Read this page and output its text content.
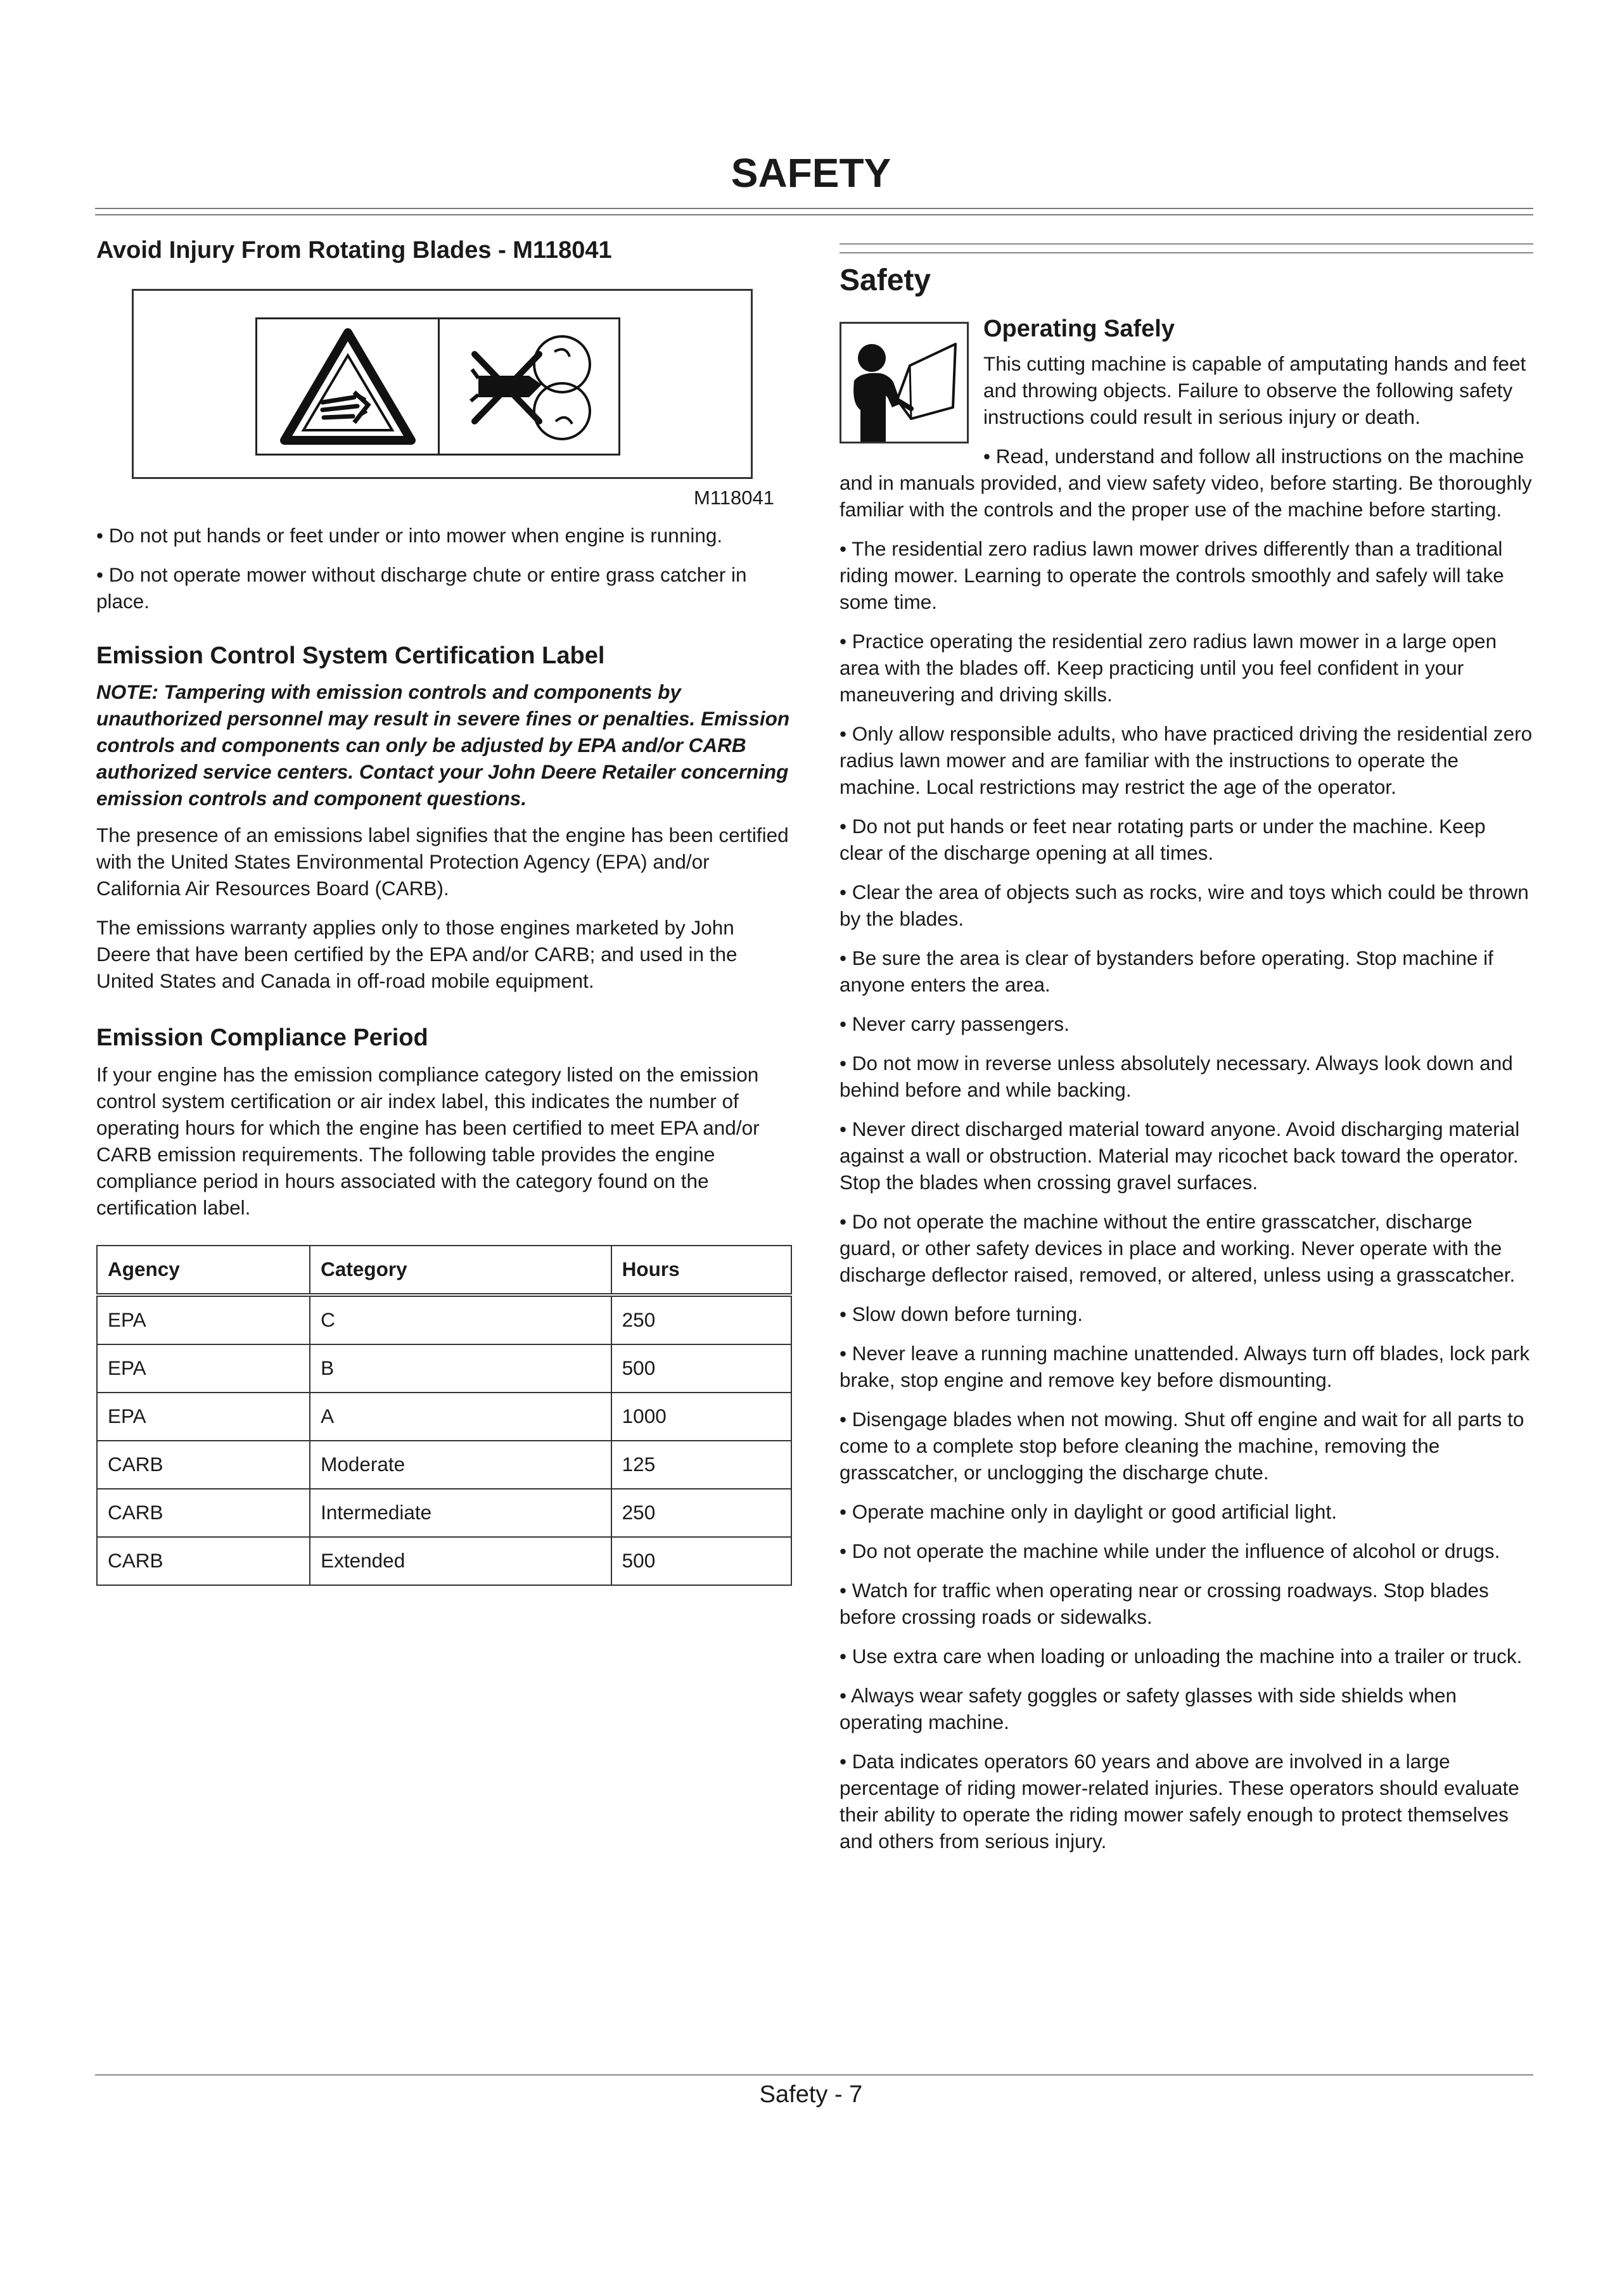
SAFETY
Avoid Injury From Rotating Blades - M118041
M118041

• Do not put hands or feet under or into mower when engine is running.

• Do not operate mower without discharge chute or entire grass catcher in place.

Emission Control System Certification Label

NOTE: Tampering with emission controls and components by unauthorized personnel may result in severe fines or penalties. Emission controls and components can only be adjusted by EPA and/or CARB authorized service centers. Contact your John Deere Retailer concerning emission controls and component questions.

The presence of an emissions label signifies that the engine has been certified with the United States Environmental Protection Agency (EPA) and/or California Air Resources Board (CARB).

The emissions warranty applies only to those engines marketed by John Deere that have been certified by the EPA and/or CARB; and used in the United States and Canada in off-road mobile equipment.

Emission Compliance Period

If your engine has the emission compliance category listed on the emission control system certification or air index label, this indicates the number of operating hours for which the engine has been certified to meet EPA and/or CARB emission requirements. The following table provides the engine compliance period in hours associated with the category found on the certification label.

Agency	Category	Hours
EPA	C	250
EPA	B	500
EPA	A	1000
CARB	Moderate	125
CARB	Intermediate	250
CARB	Extended	500
Safety
Operating Safely

This cutting machine is capable of amputating hands and feet and throwing objects. Failure to observe the following safety instructions could result in serious injury or death.

• Read, understand and follow all instructions on the machine and in manuals provided, and view safety video, before starting. Be thoroughly familiar with the controls and the proper use of the machine before starting.

• The residential zero radius lawn mower drives differently than a traditional riding mower. Learning to operate the controls smoothly and safely will take some time.

• Practice operating the residential zero radius lawn mower in a large open area with the blades off. Keep practicing until you feel confident in your maneuvering and driving skills.

• Only allow responsible adults, who have practiced driving the residential zero radius lawn mower and are familiar with the instructions to operate the machine. Local restrictions may restrict the age of the operator.

• Do not put hands or feet near rotating parts or under the machine. Keep clear of the discharge opening at all times.

• Clear the area of objects such as rocks, wire and toys which could be thrown by the blades.

• Be sure the area is clear of bystanders before operating. Stop machine if anyone enters the area.

• Never carry passengers.

• Do not mow in reverse unless absolutely necessary. Always look down and behind before and while backing.

• Never direct discharged material toward anyone. Avoid discharging material against a wall or obstruction. Material may ricochet back toward the operator. Stop the blades when crossing gravel surfaces.

• Do not operate the machine without the entire grasscatcher, discharge guard, or other safety devices in place and working. Never operate with the discharge deflector raised, removed, or altered, unless using a grasscatcher.

• Slow down before turning.

• Never leave a running machine unattended. Always turn off blades, lock park brake, stop engine and remove key before dismounting.

• Disengage blades when not mowing. Shut off engine and wait for all parts to come to a complete stop before cleaning the machine, removing the grasscatcher, or unclogging the discharge chute.

• Operate machine only in daylight or good artificial light.

• Do not operate the machine while under the influence of alcohol or drugs.

• Watch for traffic when operating near or crossing roadways. Stop blades before crossing roads or sidewalks.

• Use extra care when loading or unloading the machine into a trailer or truck.

• Always wear safety goggles or safety glasses with side shields when operating machine.

• Data indicates operators 60 years and above are involved in a large percentage of riding mower-related injuries. These operators should evaluate their ability to operate the riding mower safely enough to protect themselves and others from serious injury.

Safety - 7
